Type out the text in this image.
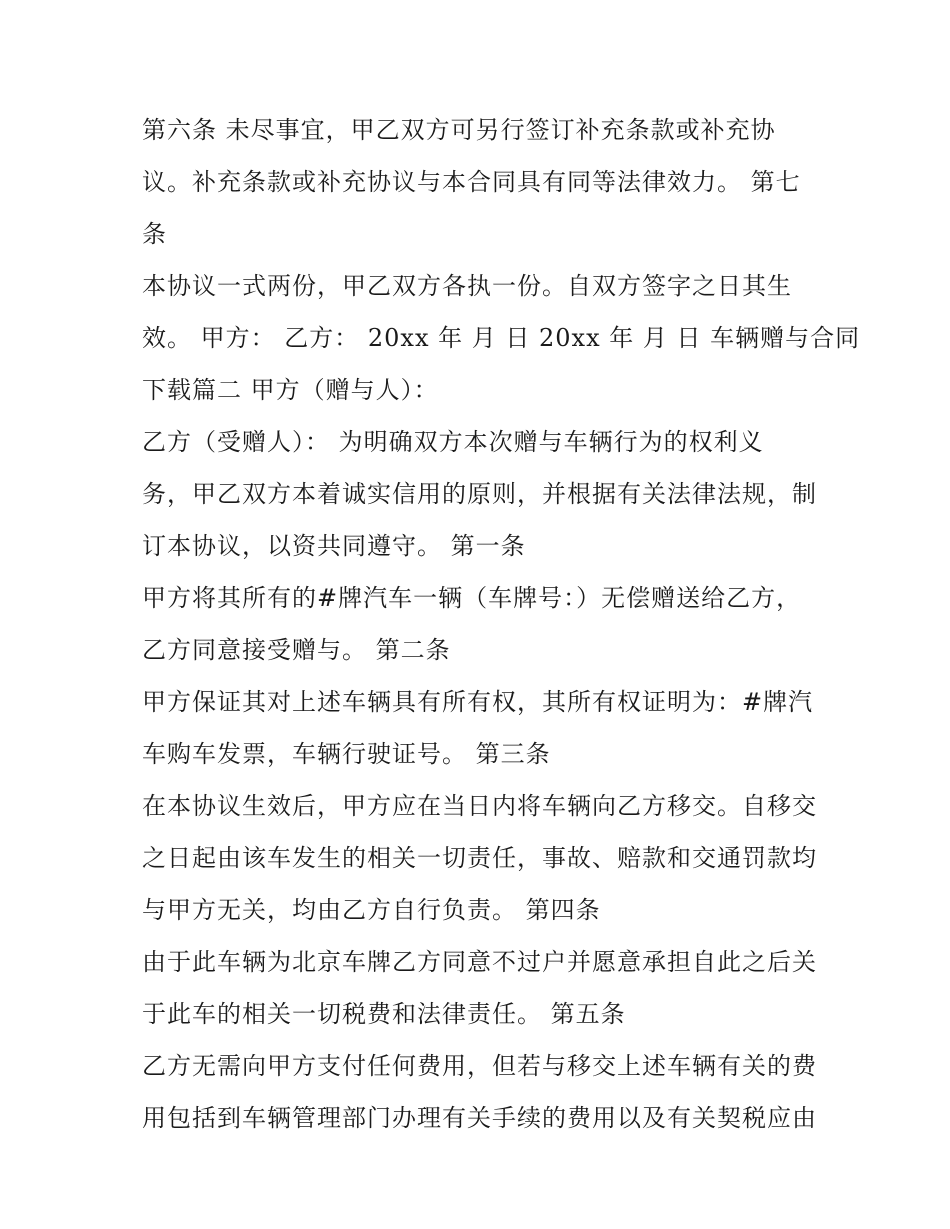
第六条 未尽事宜，甲乙双方可另行签订补充条款或补充协
议。补充条款或补充协议与本合同具有同等法律效力。 第七
条
本协议一式两份，甲乙双方各执一份。自双方签字之日其生
效。 甲方： 乙方： 20xx 年 月 日 20xx 年 月 日 车辆赠与合同
下载篇二 甲方（赠与人）：
乙方（受赠人）： 为明确双方本次赠与车辆行为的权利义
务，甲乙双方本着诚实信用的原则，并根据有关法律法规，制
订本协议，以资共同遵守。 第一条
甲方将其所有的#牌汽车一辆（车牌号：）无偿赠送给乙方，
乙方同意接受赠与。 第二条
甲方保证其对上述车辆具有所有权，其所有权证明为：#牌汽
车购车发票，车辆行驶证号。 第三条
在本协议生效后，甲方应在当日内将车辆向乙方移交。自移交
之日起由该车发生的相关一切责任，事故、赔款和交通罚款均
与甲方无关，均由乙方自行负责。 第四条
由于此车辆为北京车牌乙方同意不过户并愿意承担自此之后关
于此车的相关一切税费和法律责任。 第五条
乙方无需向甲方支付任何费用，但若与移交上述车辆有关的费
用包括到车辆管理部门办理有关手续的费用以及有关契税应由
